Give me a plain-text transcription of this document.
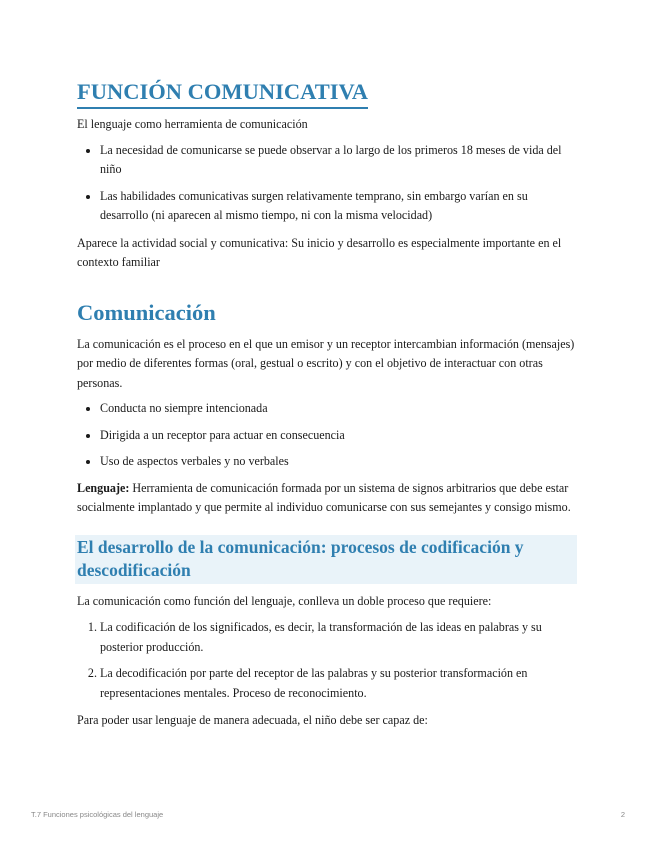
FUNCIÓN COMUNICATIVA

El lenguaje como herramienta de comunicación

• La necesidad de comunicarse se puede observar a lo largo de los primeros 18 meses de vida del niño
• Las habilidades comunicativas surgen relativamente temprano, sin embargo varían en su desarrollo (ni aparecen al mismo tiempo, ni con la misma velocidad)

Aparece la actividad social y comunicativa: Su inicio y desarrollo es especialmente importante en el contexto familiar

Comunicación

La comunicación es el proceso en el que un emisor y un receptor intercambian información (mensajes) por medio de diferentes formas (oral, gestual o escrito) y con el objetivo de interactuar con otras personas.

• Conducta no siempre intencionada
• Dirigida a un receptor para actuar en consecuencia
• Uso de aspectos verbales y no verbales

Lenguaje: Herramienta de comunicación formada por un sistema de signos arbitrarios que debe estar socialmente implantado y que permite al individuo comunicarse con sus semejantes y consigo mismo.

El desarrollo de la comunicación: procesos de codificación y descodificación

La comunicación como función del lenguaje, conlleva un doble proceso que requiere:

1. La codificación de los significados, es decir, la transformación de las ideas en palabras y su posterior producción.
2. La decodificación por parte del receptor de las palabras y su posterior transformación en representaciones mentales. Proceso de reconocimiento.

Para poder usar lenguaje de manera adecuada, el niño debe ser capaz de:

T.7 Funciones psicológicas del lenguaje	2
